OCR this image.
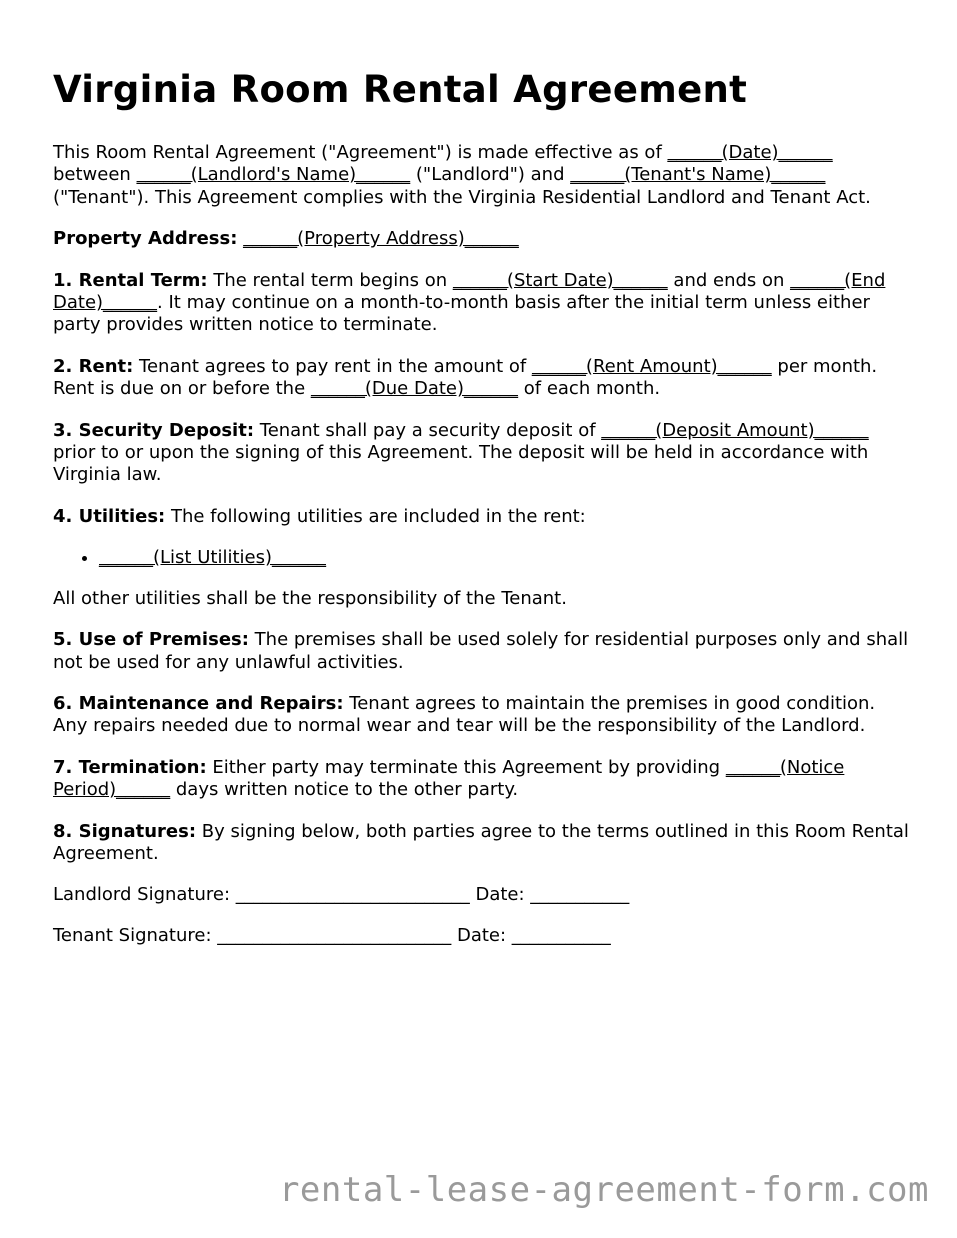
Virginia Room Rental Agreement

This Room Rental Agreement ("Agreement") is made effective as of ______(Date)______ between ______(Landlord's Name)______ ("Landlord") and ______(Tenant's Name)______ ("Tenant"). This Agreement complies with the Virginia Residential Landlord and Tenant Act.

Property Address: ______(Property Address)______

1. Rental Term: The rental term begins on ______(Start Date)______ and ends on ______(End Date)______. It may continue on a month-to-month basis after the initial term unless either party provides written notice to terminate.

2. Rent: Tenant agrees to pay rent in the amount of ______(Rent Amount)______ per month. Rent is due on or before the ______(Due Date)______ of each month.

3. Security Deposit: Tenant shall pay a security deposit of ______(Deposit Amount)______ prior to or upon the signing of this Agreement. The deposit will be held in accordance with Virginia law.

4. Utilities: The following utilities are included in the rent:

• ______(List Utilities)______

All other utilities shall be the responsibility of the Tenant.

5. Use of Premises: The premises shall be used solely for residential purposes only and shall not be used for any unlawful activities.

6. Maintenance and Repairs: Tenant agrees to maintain the premises in good condition. Any repairs needed due to normal wear and tear will be the responsibility of the Landlord.

7. Termination: Either party may terminate this Agreement by providing ______(Notice Period)______ days written notice to the other party.

8. Signatures: By signing below, both parties agree to the terms outlined in this Room Rental Agreement.

Landlord Signature: __________________________ Date: ___________

Tenant Signature: __________________________ Date: ___________

rental-lease-agreement-form.com
